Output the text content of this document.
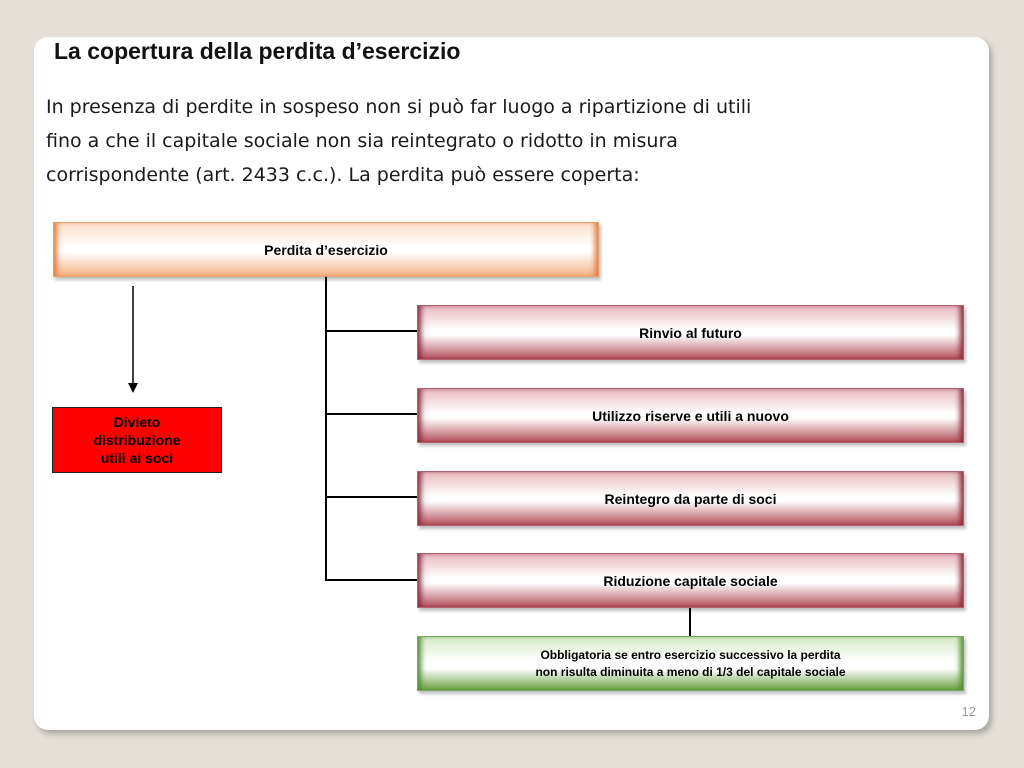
La copertura della perdita d’esercizio
In presenza di perdite in sospeso non si può far luogo a ripartizione di utili
fino a che il capitale sociale non sia reintegrato o ridotto in misura
corrispondente (art. 2433 c.c.). La perdita può essere coperta:
Perdita d’esercizio
Divieto
distribuzione
utili ai soci
Rinvio al futuro
Utilizzo riserve e utili a nuovo
Reintegro da parte di soci
Riduzione capitale sociale
Obbligatoria se entro esercizio successivo la perdita
non risulta diminuita a meno di 1/3 del capitale sociale
12
